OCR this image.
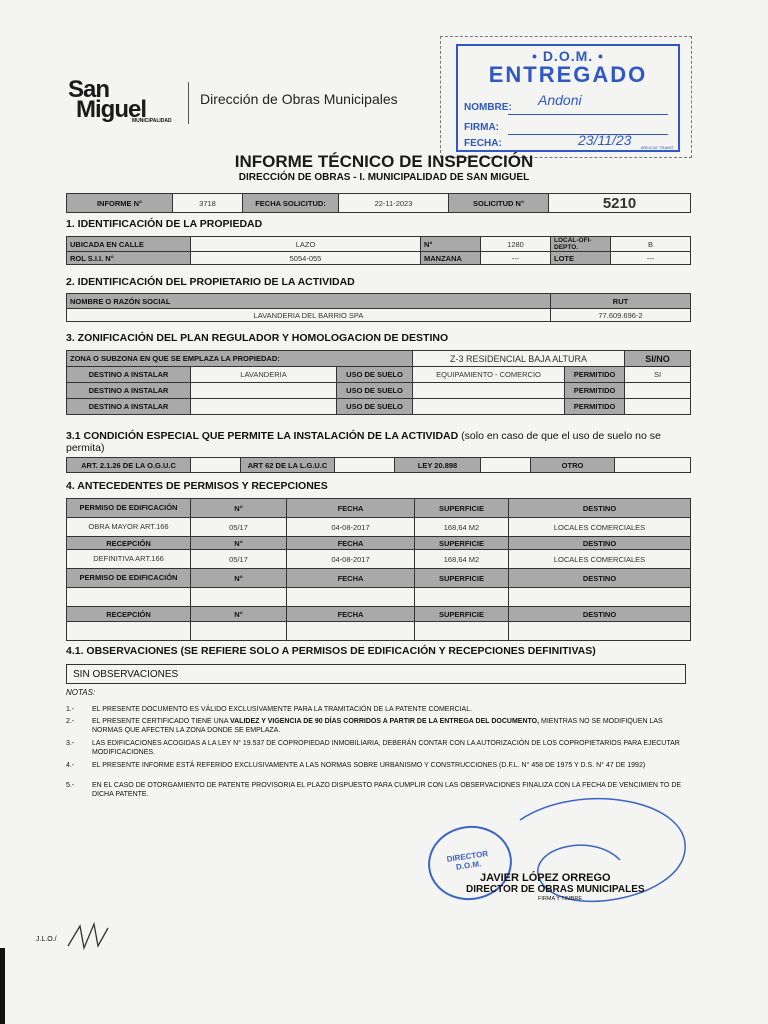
San
Miguel
MUNICIPALIDAD
Dirección de Obras Municipales
• D.O.M. •
ENTREGADO
NOMBRE: Andoni
FIRMA:
FECHA:	23/11/23 AREA DE TRAMIT
INFORME TÉCNICO DE INSPECCIÓN
DIRECCIÓN DE OBRAS - I. MUNICIPALIDAD DE SAN MIGUEL
INFORME N°	3718	FECHA SOLICITUD:	22-11-2023	SOLICITUD N°	5210
1. IDENTIFICACIÓN DE LA PROPIEDAD
UBICADA EN CALLE	LAZO	N°	1280	LOCAL-OFI-DEPTO.	B
ROL S.I.I. N°	5054-055	MANZANA	---	LOTE	---
2. IDENTIFICACIÓN DEL PROPIETARIO DE LA ACTIVIDAD
NOMBRE O RAZÓN SOCIAL	RUT
LAVANDERIA DEL BARRIO SPA	77.609.696-2
3. ZONIFICACIÓN DEL PLAN REGULADOR Y HOMOLOGACION DE DESTINO
ZONA O SUBZONA EN QUE SE EMPLAZA LA PROPIEDAD:			Z-3 RESIDENCIAL BAJA ALTURA		SI/NO
DESTINO A INSTALAR	LAVANDERIA	USO DE SUELO	EQUIPAMIENTO - COMERCIO	PERMITIDO	SI
DESTINO A INSTALAR		USO DE SUELO		PERMITIDO	
DESTINO A INSTALAR		USO DE SUELO		PERMITIDO	
3.1 CONDICIÓN ESPECIAL QUE PERMITE LA INSTALACIÓN DE LA ACTIVIDAD (solo en caso de que el uso de suelo no se permita)
ART. 2.1.26 DE LA O.G.U.C		ART 62 DE LA L.G.U.C		LEY 20.898		OTRO	
4. ANTECEDENTES DE PERMISOS Y RECEPCIONES
PERMISO DE EDIFICACIÓN	N°	FECHA	SUPERFICIE	DESTINO
OBRA MAYOR ART.166	05/17	04-08-2017	168,64 M2	LOCALES COMERCIALES
RECEPCIÓN	N°	FECHA	SUPERFICIE	DESTINO
DEFINITIVA ART.166	05/17	04-08-2017	168,64 M2	LOCALES COMERCIALES
PERMISO DE EDIFICACIÓN	N°	FECHA	SUPERFICIE	DESTINO

RECEPCIÓN	N°	FECHA	SUPERFICIE	DESTINO

4.1. OBSERVACIONES (SE REFIERE SOLO A PERMISOS DE EDIFICACIÓN Y RECEPCIONES DEFINITIVAS)
SIN OBSERVACIONES
NOTAS:
1.-	EL PRESENTE DOCUMENTO ES VÁLIDO EXCLUSIVAMENTE PARA LA TRAMITACIÓN DE LA PATENTE COMERCIAL.
2.-	EL PRESENTE CERTIFICADO TIENE UNA VALIDEZ Y VIGENCIA DE 90 DÍAS CORRIDOS A PARTIR DE LA ENTREGA DEL DOCUMENTO, MIENTRAS NO SE MODIFIQUEN LAS NORMAS QUE AFECTEN LA ZONA DONDE SE EMPLAZA.
3.-	LAS EDIFICACIONES ACOGIDAS A LA LEY N° 19.537 DE COPROPIEDAD INMOBILIARIA, DEBERÁN CONTAR CON LA AUTORIZACIÓN DE LOS COPROPIETARIOS PARA EJECUTAR MODIFICACIONES.
4.-	EL PRESENTE INFORME ESTÁ REFERIDO EXCLUSIVAMENTE A LAS NORMAS SOBRE URBANISMO Y CONSTRUCCIONES (D.F.L. N° 458 DE 1975 Y D.S. N° 47 DE 1992)
5.-	EN EL CASO DE OTORGAMIENTO DE PATENTE PROVISORIA EL PLAZO DISPUESTO PARA CUMPLIR CON LAS OBSERVACIONES FINALIZA CON LA FECHA DE VENCIMIEN TO DE DICHA PATENTE.
DIRECTOR D.O.M.
JAVIER LÓPEZ ORREGO
DIRECTOR DE OBRAS MUNICIPALES
FIRMA Y TIMBRE
J.L.O./
